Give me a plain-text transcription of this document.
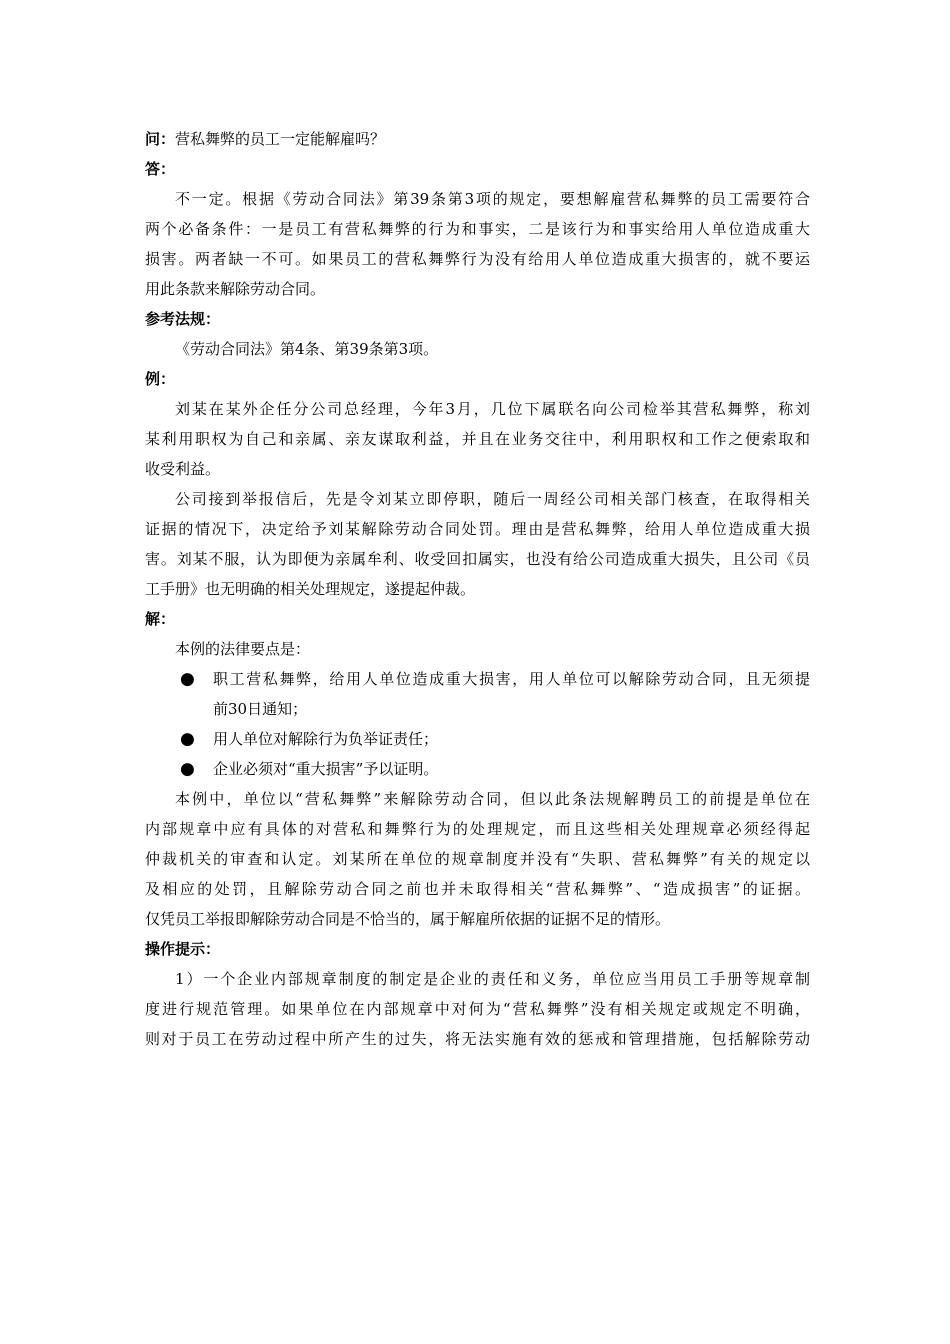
问：营私舞弊的员工一定能解雇吗？
答：
不一定。根据《劳动合同法》第39条第3项的规定，要想解雇营私舞弊的员工需要符合
两个必备条件：一是员工有营私舞弊的行为和事实，二是该行为和事实给用人单位造成重大
损害。两者缺一不可。如果员工的营私舞弊行为没有给用人单位造成重大损害的，就不要运
用此条款来解除劳动合同。
参考法规：
《劳动合同法》第4条、第39条第3项。
例：
刘某在某外企任分公司总经理，今年3月，几位下属联名向公司检举其营私舞弊，称刘
某利用职权为自己和亲属、亲友谋取利益，并且在业务交往中，利用职权和工作之便索取和
收受利益。
公司接到举报信后，先是令刘某立即停职，随后一周经公司相关部门核查，在取得相关
证据的情况下，决定给予刘某解除劳动合同处罚。理由是营私舞弊，给用人单位造成重大损
害。刘某不服，认为即便为亲属牟利、收受回扣属实，也没有给公司造成重大损失，且公司《员
工手册》也无明确的相关处理规定，遂提起仲裁。
解：
本例的法律要点是：
● 职工营私舞弊，给用人单位造成重大损害，用人单位可以解除劳动合同，且无须提
前30日通知；
● 用人单位对解除行为负举证责任；
● 企业必须对“重大损害”予以证明。
本例中，单位以“营私舞弊”来解除劳动合同，但以此条法规解聘员工的前提是单位在
内部规章中应有具体的对营私和舞弊行为的处理规定，而且这些相关处理规章必须经得起
仲裁机关的审查和认定。刘某所在单位的规章制度并没有“失职、营私舞弊”有关的规定以
及相应的处罚，且解除劳动合同之前也并未取得相关“营私舞弊”、“造成损害”的证据。
仅凭员工举报即解除劳动合同是不恰当的，属于解雇所依据的证据不足的情形。
操作提示：
1）一个企业内部规章制度的制定是企业的责任和义务，单位应当用员工手册等规章制
度进行规范管理。如果单位在内部规章中对何为“营私舞弊”没有相关规定或规定不明确，
则对于员工在劳动过程中所产生的过失，将无法实施有效的惩戒和管理措施，包括解除劳动
